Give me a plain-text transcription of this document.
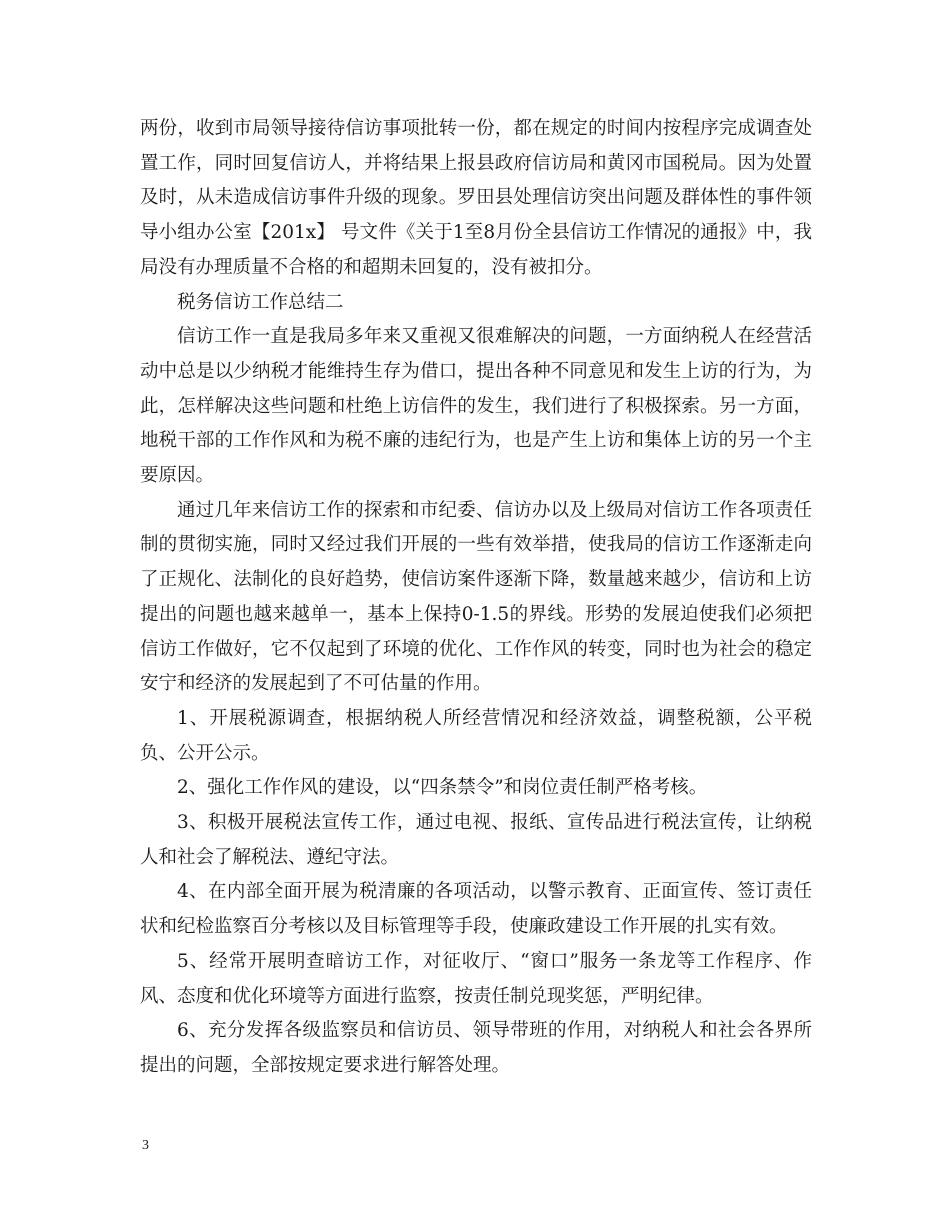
两份，收到市局领导接待信访事项批转一份，都在规定的时间内按程序完成调查处置工作，同时回复信访人，并将结果上报县政府信访局和黄冈市国税局。因为处置及时，从未造成信访事件升级的现象。罗田县处理信访突出问题及群体性的事件领导小组办公室【201x】 号文件《关于1至8月份全县信访工作情况的通报》中，我局没有办理质量不合格的和超期未回复的，没有被扣分。

税务信访工作总结二

信访工作一直是我局多年来又重视又很难解决的问题，一方面纳税人在经营活动中总是以少纳税才能维持生存为借口，提出各种不同意见和发生上访的行为，为此，怎样解决这些问题和杜绝上访信件的发生，我们进行了积极探索。另一方面，地税干部的工作作风和为税不廉的违纪行为，也是产生上访和集体上访的另一个主要原因。

通过几年来信访工作的探索和市纪委、信访办以及上级局对信访工作各项责任制的贯彻实施，同时又经过我们开展的一些有效举措，使我局的信访工作逐渐走向了正规化、法制化的良好趋势，使信访案件逐渐下降，数量越来越少，信访和上访提出的问题也越来越单一，基本上保持0-1.5的界线。形势的发展迫使我们必须把信访工作做好，它不仅起到了环境的优化、工作作风的转变，同时也为社会的稳定安宁和经济的发展起到了不可估量的作用。

1、开展税源调查，根据纳税人所经营情况和经济效益，调整税额，公平税负、公开公示。

2、强化工作作风的建设，以“四条禁令”和岗位责任制严格考核。

3、积极开展税法宣传工作，通过电视、报纸、宣传品进行税法宣传，让纳税人和社会了解税法、遵纪守法。

4、在内部全面开展为税清廉的各项活动，以警示教育、正面宣传、签订责任状和纪检监察百分考核以及目标管理等手段，使廉政建设工作开展的扎实有效。

5、经常开展明查暗访工作，对征收厅、“窗口”服务一条龙等工作程序、作风、态度和优化环境等方面进行监察，按责任制兑现奖惩，严明纪律。

6、充分发挥各级监察员和信访员、领导带班的作用，对纳税人和社会各界所提出的问题，全部按规定要求进行解答处理。

3
